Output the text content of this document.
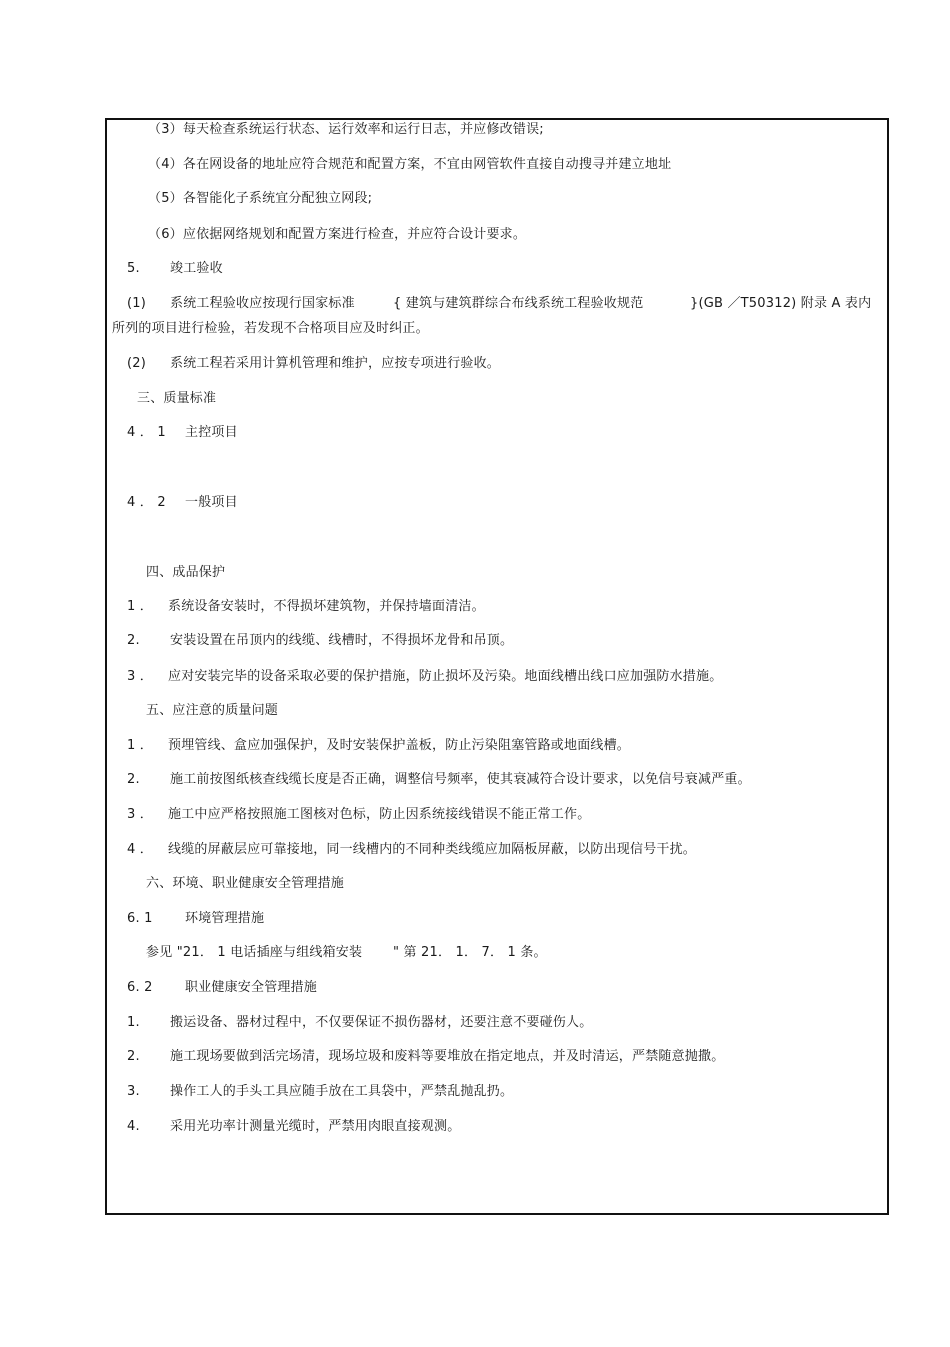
（3）每天检查系统运行状态、运行效率和运行日志，并应修改错误;
（4）各在网设备的地址应符合规范和配置方案，不宜由网管软件直接自动搜寻并建立地址
（5）各智能化子系统宜分配独立网段;
（6）应依据网络规划和配置方案进行检查，并应符合设计要求。
5. 竣工验收
(1) 系统工程验收应按现行国家标准	{ 建筑与建筑群综合布线系统工程验收规范	}(GB ／T50312) 附录 A 表内
所列的项目进行检验，若发现不合格项目应及时纠正。
(2) 系统工程若采用计算机管理和维护，应按专项进行验收。
三、质量标准
4 ． 1 主控项目
4 ． 2 一般项目
四、成品保护
1 ． 系统设备安装时，不得损坏建筑物，并保持墙面清洁。
2. 安装设置在吊顶内的线缆、线槽时，不得损坏龙骨和吊顶。
3 ． 应对安装完毕的设备采取必要的保护措施，防止损坏及污染。地面线槽出线口应加强防水措施。
五、应注意的质量问题
1 ． 预埋管线、盒应加强保护，及时安装保护盖板，防止污染阻塞管路或地面线槽。
2. 施工前按图纸核查线缆长度是否正确，调整信号频率，使其衰减符合设计要求，以免信号衰减严重。
3 ． 施工中应严格按照施工图核对色标，防止因系统接线错误不能正常工作。
4 ． 线缆的屏蔽层应可靠接地，同一线槽内的不同种类线缆应加隔板屏蔽，以防出现信号干扰。
六、环境、职业健康安全管理措施
6. 1 环境管理措施
参见 "21． 1 电话插座与组线箱安装 " 第 21． 1． 7． 1 条。
6. 2 职业健康安全管理措施
1. 搬运设备、器材过程中，不仅要保证不损伤器材，还要注意不要碰伤人。
2. 施工现场要做到活完场清，现场垃圾和废料等要堆放在指定地点，并及时清运，严禁随意抛撒。
3. 操作工人的手头工具应随手放在工具袋中，严禁乱抛乱扔。
4. 采用光功率计测量光缆时，严禁用肉眼直接观测。
